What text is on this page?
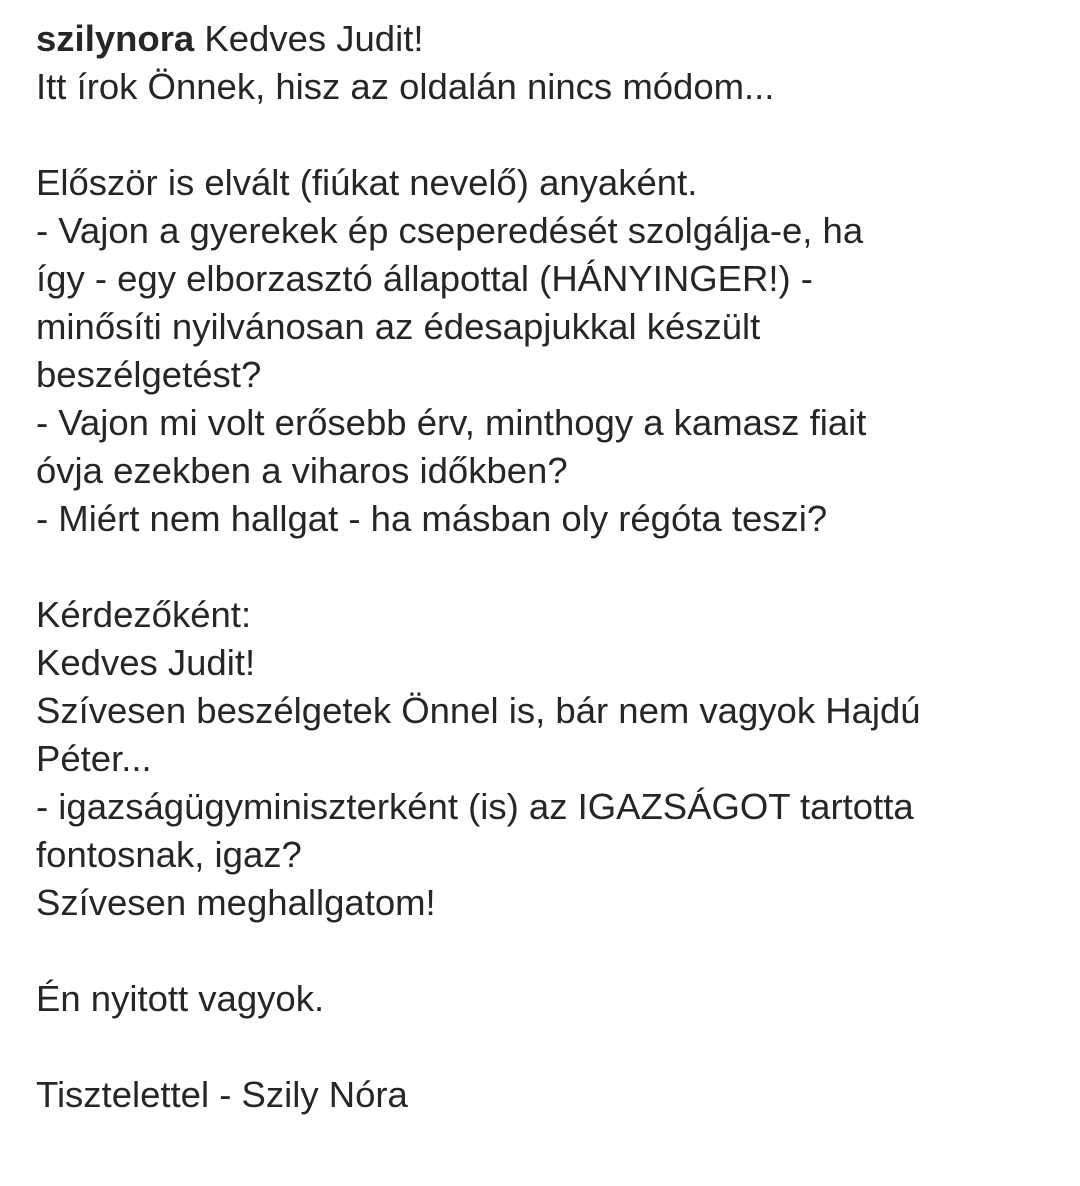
szilynora Kedves Judit!
Itt írok Önnek, hisz az oldalán nincs módom...
Először is elvált (fiúkat nevelő) anyaként.
- Vajon a gyerekek ép cseperedését szolgálja-e, ha
így - egy elborzasztó állapottal (HÁNYINGER!) -
minősíti nyilvánosan az édesapjukkal készült
beszélgetést?
- Vajon mi volt erősebb érv, minthogy a kamasz fiait
óvja ezekben a viharos időkben?
- Miért nem hallgat - ha másban oly régóta teszi?
Kérdezőként:
Kedves Judit!
Szívesen beszélgetek Önnel is, bár nem vagyok Hajdú
Péter...
- igazságügyminiszterként (is) az IGAZSÁGOT tartotta
fontosnak, igaz?
Szívesen meghallgatom!
Én nyitott vagyok.
Tisztelettel - Szily Nóra
